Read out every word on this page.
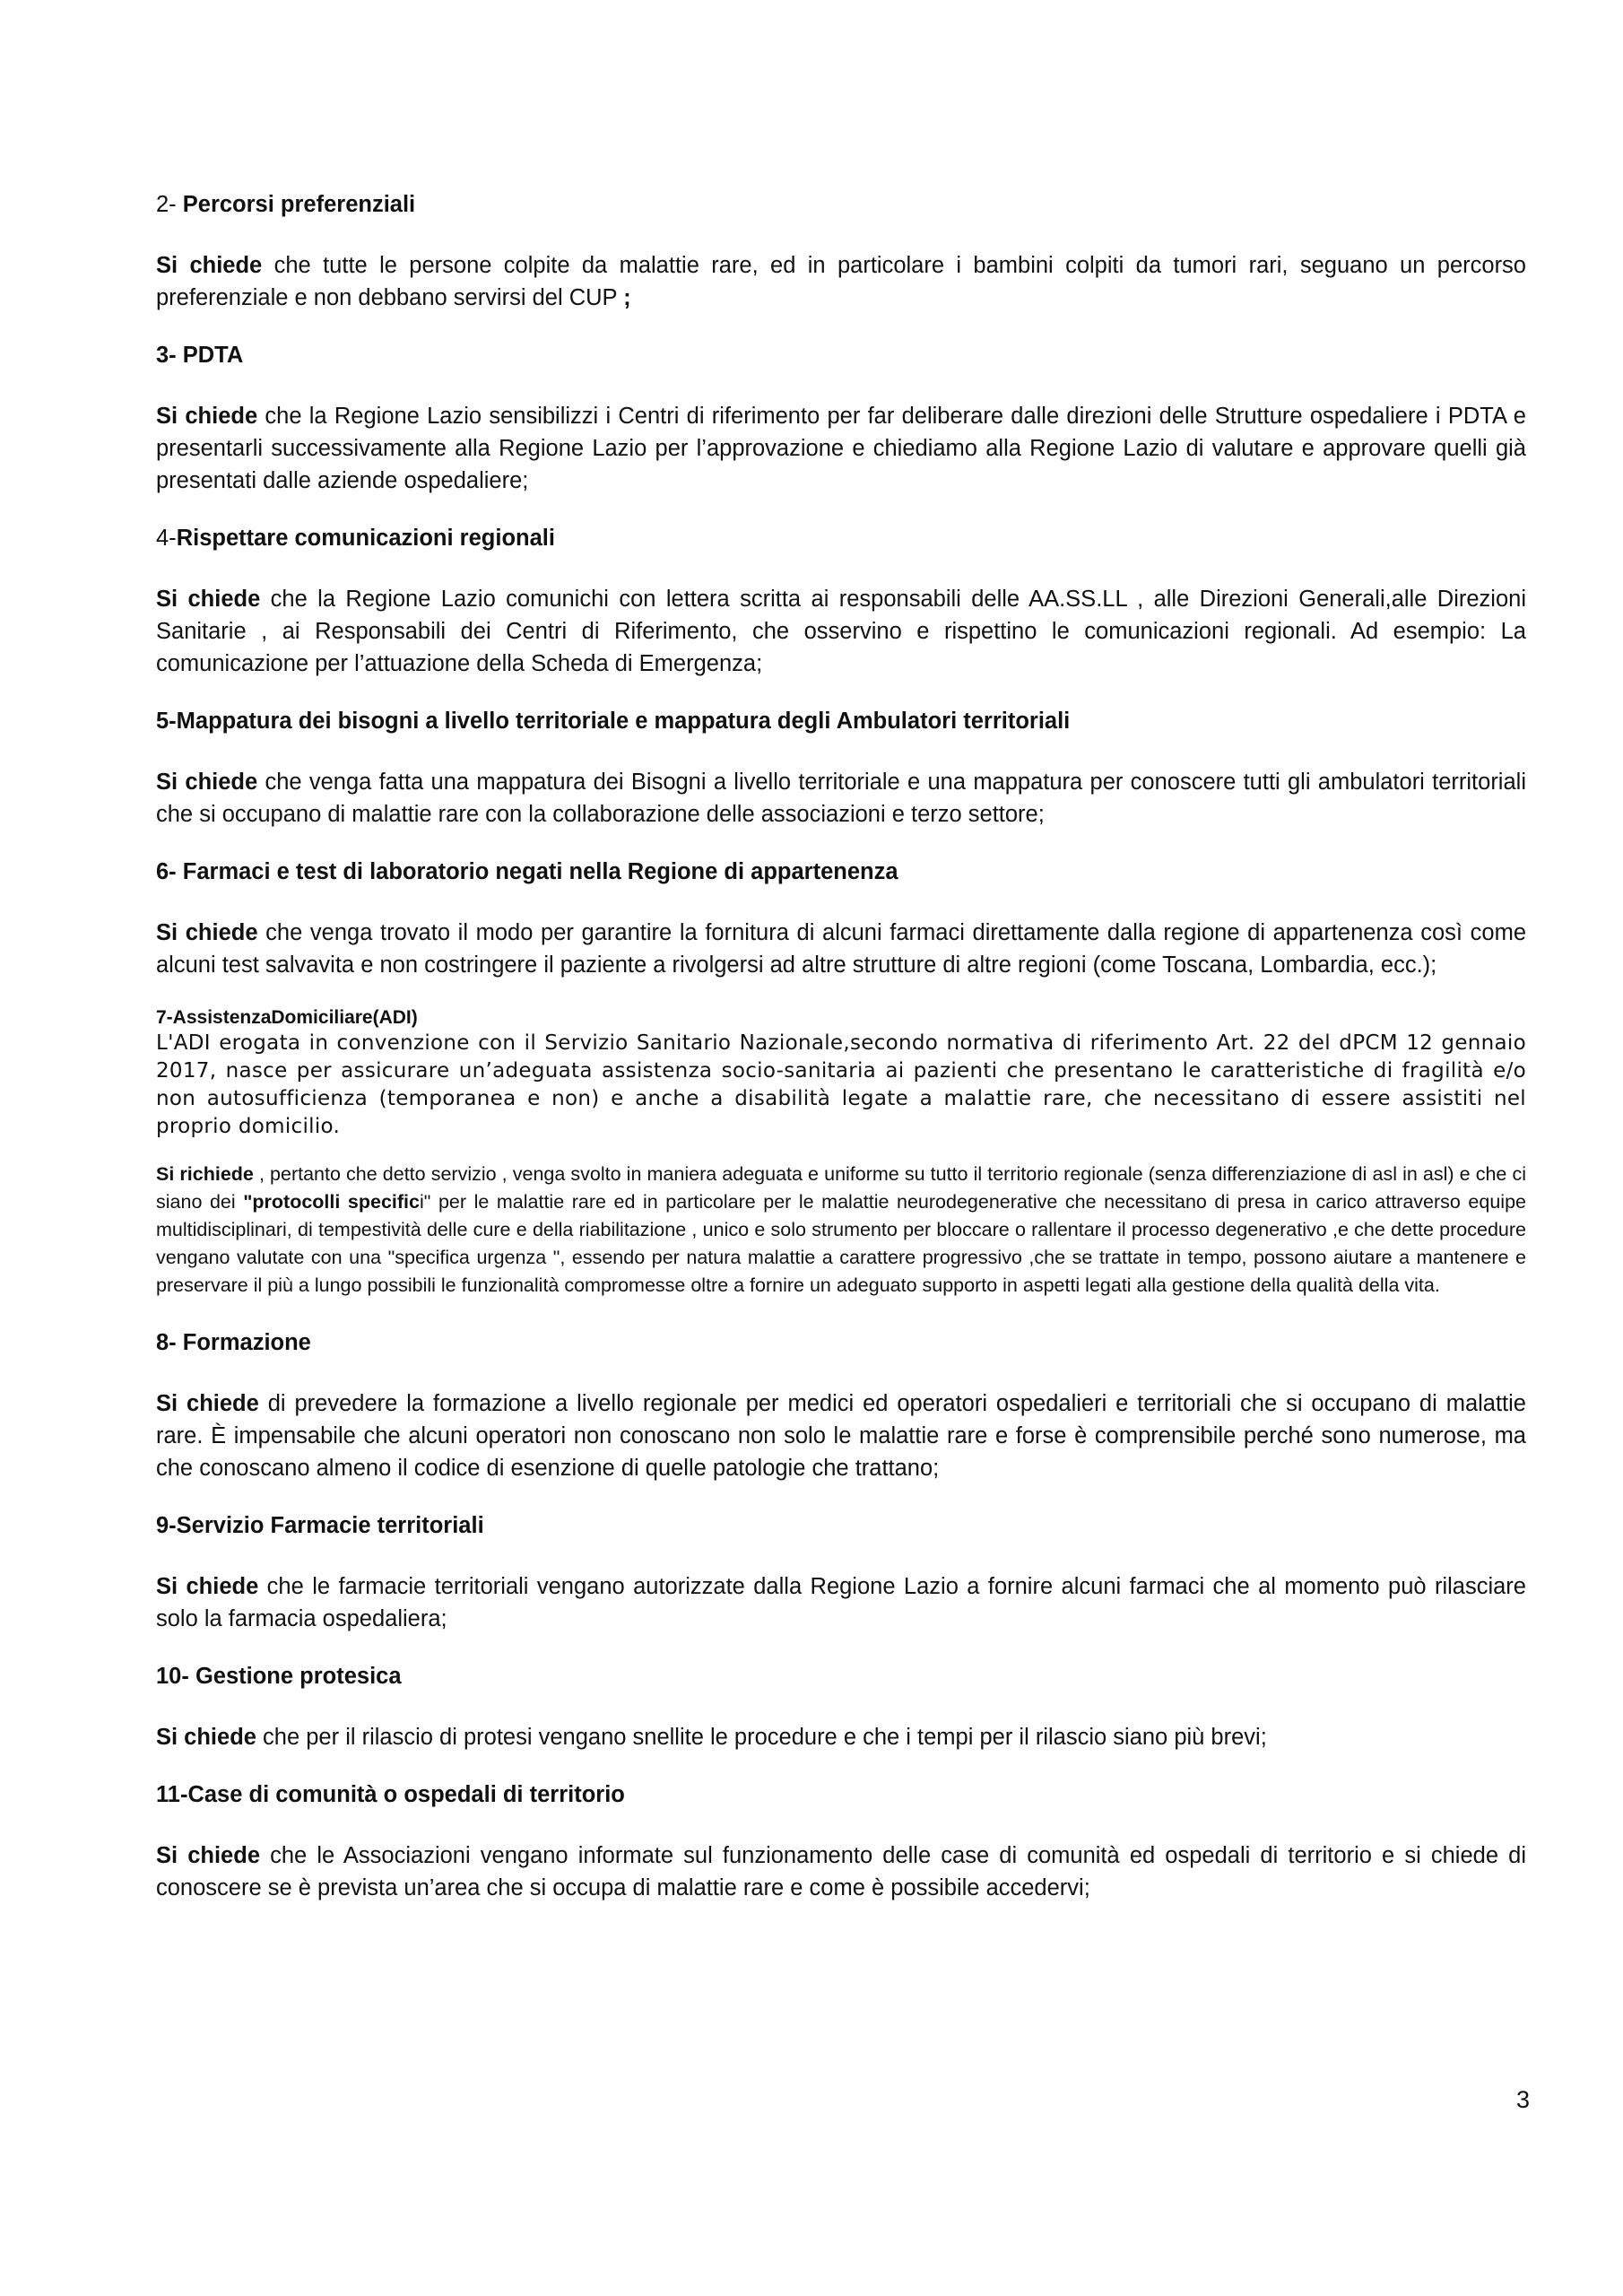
2- Percorsi preferenziali

Si chiede che tutte le persone colpite da malattie rare, ed in particolare i bambini colpiti da tumori rari, seguano un percorso preferenziale e non debbano servirsi del CUP ;

3- PDTA

Si chiede che la Regione Lazio sensibilizzi i Centri di riferimento per far deliberare dalle direzioni delle Strutture ospedaliere i PDTA e presentarli successivamente alla Regione Lazio per l’approvazione e chiediamo alla Regione Lazio di valutare e approvare quelli già presentati dalle aziende ospedaliere;

4-Rispettare comunicazioni regionali

Si chiede che la Regione Lazio comunichi con lettera scritta ai responsabili delle AA.SS.LL , alle Direzioni Generali,alle Direzioni Sanitarie , ai Responsabili dei Centri di Riferimento, che osservino e rispettino le comunicazioni regionali. Ad esempio: La comunicazione per l’attuazione della Scheda di Emergenza;

5-Mappatura dei bisogni a livello territoriale e mappatura degli Ambulatori territoriali

Si chiede che venga fatta una mappatura dei Bisogni a livello territoriale e una mappatura per conoscere tutti gli ambulatori territoriali che si occupano di malattie rare con la collaborazione delle associazioni e terzo settore;

6- Farmaci e test di laboratorio negati nella Regione di appartenenza

Si chiede che venga trovato il modo per garantire la fornitura di alcuni farmaci direttamente dalla regione di appartenenza così come alcuni test salvavita e non costringere il paziente a rivolgersi ad altre strutture di altre regioni (come Toscana, Lombardia, ecc.);

7-AssistenzaDomiciliare(ADI)

L'ADI erogata in convenzione con il Servizio Sanitario Nazionale,secondo normativa di riferimento Art. 22 del dPCM 12 gennaio 2017, nasce per assicurare un’adeguata assistenza socio-sanitaria ai pazienti che presentano le caratteristiche di fragilità e/o non autosufficienza (temporanea e non) e anche a disabilità legate a malattie rare, che necessitano di essere assistiti nel proprio domicilio.

Si richiede , pertanto che detto servizio , venga svolto in maniera adeguata e uniforme su tutto il territorio regionale (senza differenziazione di asl in asl) e che ci siano dei "protocolli specifici" per le malattie rare ed in particolare per le malattie neurodegenerative che necessitano di presa in carico attraverso equipe multidisciplinari, di tempestività delle cure e della riabilitazione , unico e solo strumento per bloccare o rallentare il processo degenerativo ,e che dette procedure vengano valutate con una "specifica urgenza ", essendo per natura malattie a carattere progressivo ,che se trattate in tempo, possono aiutare a mantenere e preservare il più a lungo possibili le funzionalità compromesse oltre a fornire un adeguato supporto in aspetti legati alla gestione della qualità della vita.

8- Formazione

Si chiede di prevedere la formazione a livello regionale per medici ed operatori ospedalieri e territoriali che si occupano di malattie rare. È impensabile che alcuni operatori non conoscano non solo le malattie rare e forse è comprensibile perché sono numerose, ma che conoscano almeno il codice di esenzione di quelle patologie che trattano;

9-Servizio Farmacie territoriali

Si chiede che le farmacie territoriali vengano autorizzate dalla Regione Lazio a fornire alcuni farmaci che al momento può rilasciare solo la farmacia ospedaliera;

10- Gestione protesica

Si chiede che per il rilascio di protesi vengano snellite le procedure e che i tempi per il rilascio siano più brevi;

11-Case di comunità o ospedali di territorio

Si chiede che le Associazioni vengano informate sul funzionamento delle case di comunità ed ospedali di territorio e si chiede di conoscere se è prevista un’area che si occupa di malattie rare e come è possibile accedervi;

3
